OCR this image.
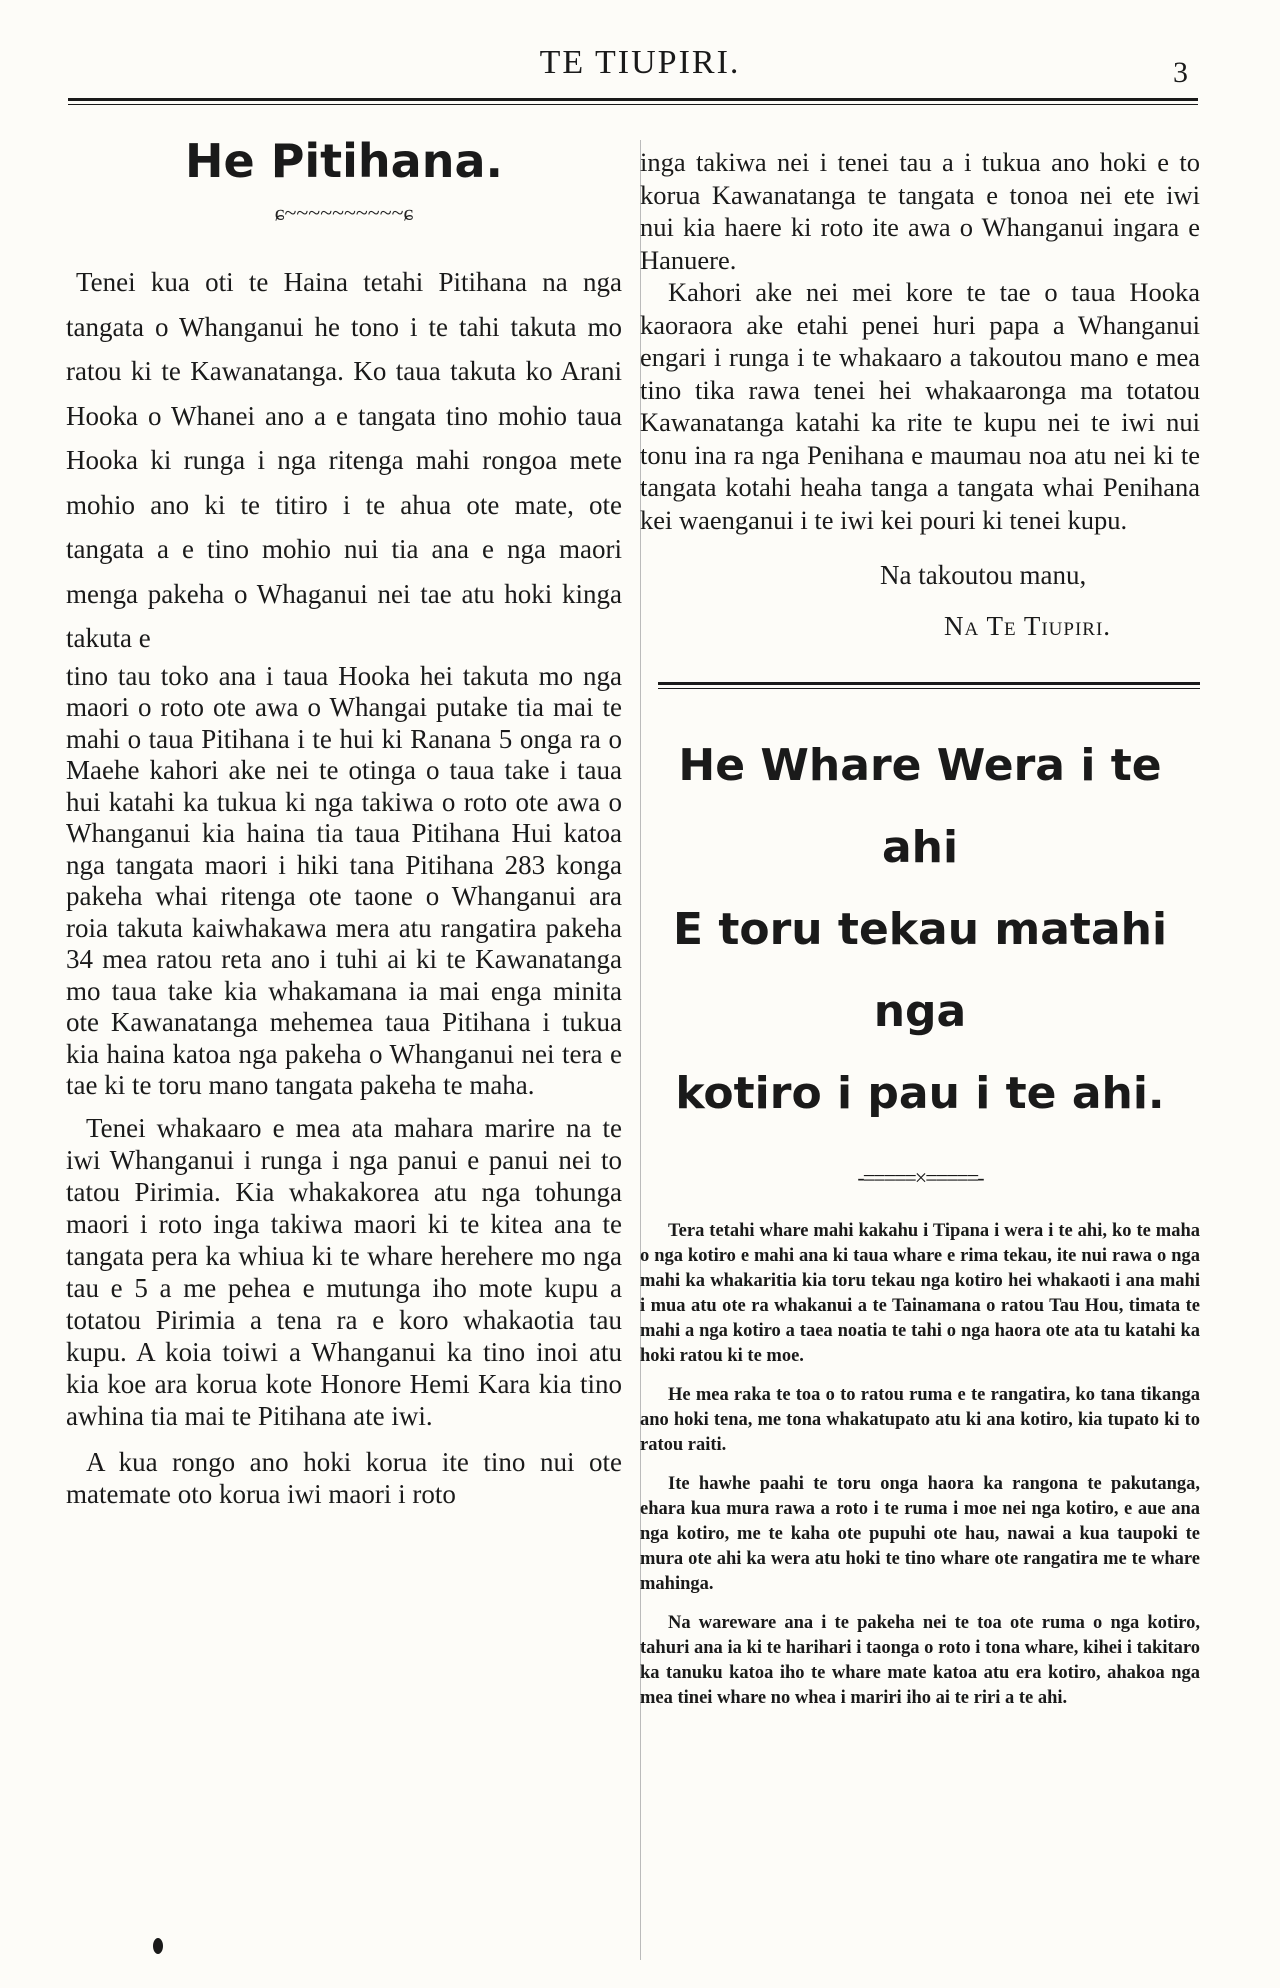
TE TIUPIRI.	3
He Pitihana.
ɕ~~~~~~~~~~ɕ

Tenei kua oti te Haina tetahi Pitihana na nga tangata o Whanganui he tono i te tahi takuta mo ratou ki te Kawanatanga. Ko taua takuta ko Arani Hooka o Whanei ano a e tangata tino mohio taua Hooka ki runga i nga ritenga mahi rongoa mete mohio ano ki te titiro i te ahua ote mate, ote tangata a e tino mohio nui tia ana e nga maori menga pakeha o Whaganui nei tae atu hoki kinga takuta e

tino tau toko ana i taua Hooka hei takuta mo nga maori o roto ote awa o Whangai putake tia mai te mahi o taua Pitihana i te hui ki Ranana 5 onga ra o Maehe kahori ake nei te otinga o taua take i taua hui katahi ka tukua ki nga takiwa o roto ote awa o Whanganui kia haina tia taua Pitihana Hui katoa nga tangata maori i hiki tana Pitihana 283 konga pakeha whai ritenga ote taone o Whanganui ara roia takuta kaiwhakawa mera atu rangatira pakeha 34 mea ratou reta ano i tuhi ai ki te Kawanatanga mo taua take kia whakamana ia mai enga minita ote Kawanatanga mehemea taua Pitihana i tukua kia haina katoa nga pakeha o Whanganui nei tera e tae ki te toru mano tangata pakeha te maha.

Tenei whakaaro e mea ata mahara marire na te iwi Whanganui i runga i nga panui e panui nei to tatou Pirimia. Kia whakakorea atu nga tohunga maori i roto inga takiwa maori ki te kitea ana te tangata pera ka whiua ki te whare herehere mo nga tau e 5 a me pehea e mutunga iho mote kupu a totatou Pirimia a tena ra e koro whakaotia tau kupu. A koia toiwi a Whanganui ka tino inoi atu kia koe ara korua kote Honore Hemi Kara kia tino awhina tia mai te Pitihana ate iwi.

A kua rongo ano hoki korua ite tino nui ote matemate oto korua iwi maori i roto

inga takiwa nei i tenei tau a i tukua ano hoki e to korua Kawanatanga te tangata e tonoa nei ete iwi nui kia haere ki roto ite awa o Whanganui ingara e Hanuere.

Kahori ake nei mei kore te tae o taua Hooka kaoraora ake etahi penei huri papa a Whanganui engari i runga i te whakaaro a takoutou mano e mea tino tika rawa tenei hei whakaaronga ma totatou Kawanatanga katahi ka rite te kupu nei te iwi nui tonu ina ra nga Penihana e maumau noa atu nei ki te tangata kotahi heaha tanga a tangata whai Penihana kei waenganui i te iwi kei pouri ki tenei kupu.

Na takoutou manu,
Na Te Tiupiri.
He Whare Wera i te ahi
E toru tekau matahi nga
kotiro i pau i te ahi.
-=====×=====-

Tera tetahi whare mahi kakahu i Tipana i wera i te ahi, ko te maha o nga kotiro e mahi ana ki taua whare e rima tekau, ite nui rawa o nga mahi ka whakaritia kia toru tekau nga kotiro hei whakaoti i ana mahi i mua atu ote ra whakanui a te Tainamana o ratou Tau Hou, timata te mahi a nga kotiro a taea noatia te tahi o nga haora ote ata tu katahi ka hoki ratou ki te moe.

He mea raka te toa o to ratou ruma e te rangatira, ko tana tikanga ano hoki tena, me tona whakatupato atu ki ana kotiro, kia tupato ki to ratou raiti.

Ite hawhe paahi te toru onga haora ka rangona te pakutanga, ehara kua mura rawa a roto i te ruma i moe nei nga kotiro, e aue ana nga kotiro, me te kaha ote pupuhi ote hau, nawai a kua taupoki te mura ote ahi ka wera atu hoki te tino whare ote rangatira me te whare mahinga.

Na wareware ana i te pakeha nei te toa ote ruma o nga kotiro, tahuri ana ia ki te harihari i taonga o roto i tona whare, kihei i takitaro ka tanuku katoa iho te whare mate katoa atu era kotiro, ahakoa nga mea tinei whare no whea i mariri iho ai te riri a te ahi.
